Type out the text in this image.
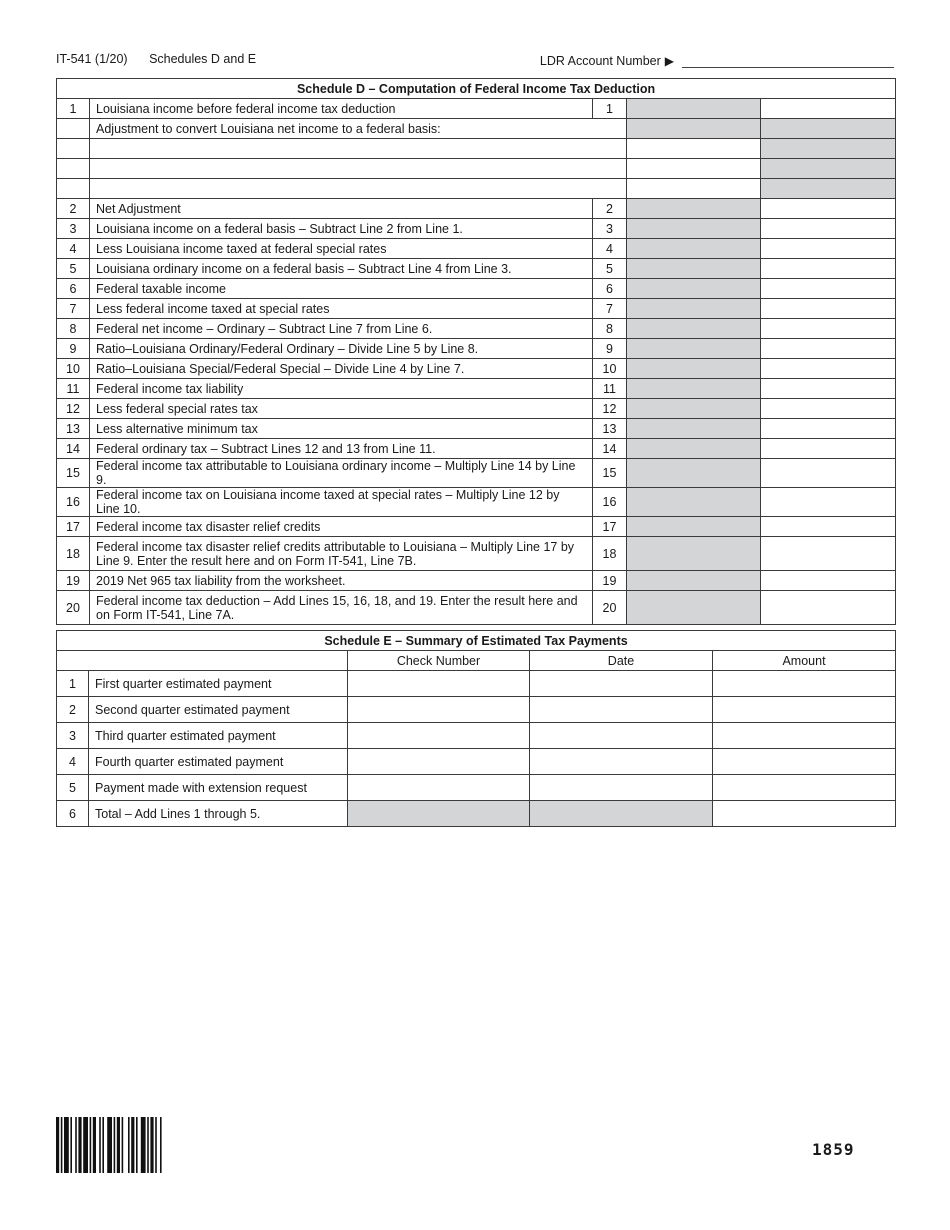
IT-541 (1/20) Schedules D and E	LDR Account Number ▶
Schedule D – Computation of Federal Income Tax Deduction				
1	Louisiana income before federal income tax deduction	1		
	Adjustment to convert Louisiana net income to a federal basis:			

2	Net Adjustment	2		
3	Louisiana income on a federal basis – Subtract Line 2 from Line 1.	3		
4	Less Louisiana income taxed at federal special rates	4		
5	Louisiana ordinary income on a federal basis – Subtract Line 4 from Line 3.	5		
6	Federal taxable income	6		
7	Less federal income taxed at special rates	7		
8	Federal net income – Ordinary – Subtract Line 7 from Line 6.	8		
9	Ratio–Louisiana Ordinary/Federal Ordinary – Divide Line 5 by Line 8.	9		
10	Ratio–Louisiana Special/Federal Special – Divide Line 4 by Line 7.	10		
11	Federal income tax liability	11		
12	Less federal special rates tax	12		
13	Less alternative minimum tax	13		
14	Federal ordinary tax – Subtract Lines 12 and 13 from Line 11.	14		
15	Federal income tax attributable to Louisiana ordinary income – Multiply Line 14 by Line 9.	15		
16	Federal income tax on Louisiana income taxed at special rates – Multiply Line 12 by Line 10.	16		
17	Federal income tax disaster relief credits	17		
18	Federal income tax disaster relief credits attributable to Louisiana – Multiply Line 17 by Line 9. Enter the result here and on Form IT-541, Line 7B.	18		
19	2019 Net 965 tax liability from the worksheet.	19		
20	Federal income tax deduction – Add Lines 15, 16, 18, and 19. Enter the result here and on Form IT-541, Line 7A.	20		
Schedule E – Summary of Estimated Tax Payments				
		Check Number	Date	Amount
1	First quarter estimated payment			
2	Second quarter estimated payment			
3	Third quarter estimated payment			
4	Fourth quarter estimated payment			
5	Payment made with extension request			
6	Total – Add Lines 1 through 5.			
1859
